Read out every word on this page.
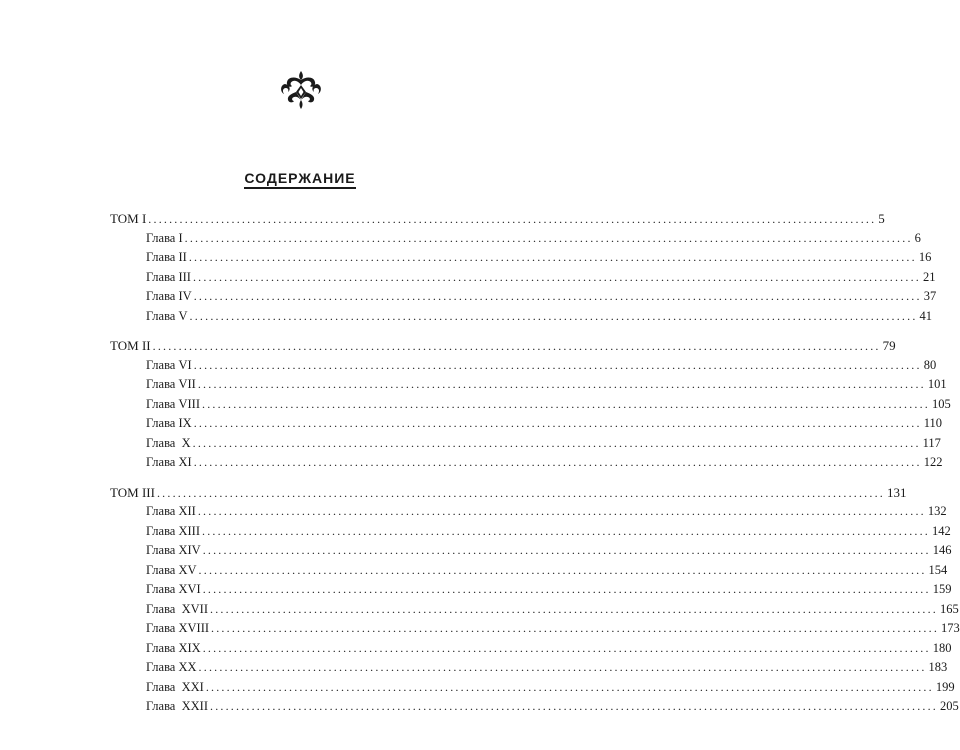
СОДЕРЖАНИЕ
ТОМ I ............................................................................................................................................ 5
Глава I ............................................................................................................................................ 6
Глава II ............................................................................................................................................ 16
Глава III ............................................................................................................................................ 21
Глава IV ............................................................................................................................................ 37
Глава V ............................................................................................................................................ 41
ТОМ II ............................................................................................................................................ 79
Глава VI ............................................................................................................................................ 80
Глава VII ............................................................................................................................................ 101
Глава VIII ............................................................................................................................................ 105
Глава IX ............................................................................................................................................ 110
Глава  X ............................................................................................................................................ 117
Глава XI ............................................................................................................................................ 122
ТОМ III ............................................................................................................................................ 131
Глава XII ............................................................................................................................................ 132
Глава XIII ............................................................................................................................................ 142
Глава XIV ............................................................................................................................................ 146
Глава XV ............................................................................................................................................ 154
Глава XVI ............................................................................................................................................ 159
Глава  XVII ............................................................................................................................................ 165
Глава XVIII ............................................................................................................................................ 173
Глава XIX ............................................................................................................................................ 180
Глава XX ............................................................................................................................................ 183
Глава  XXI ............................................................................................................................................ 199
Глава  XXII ............................................................................................................................................ 205
